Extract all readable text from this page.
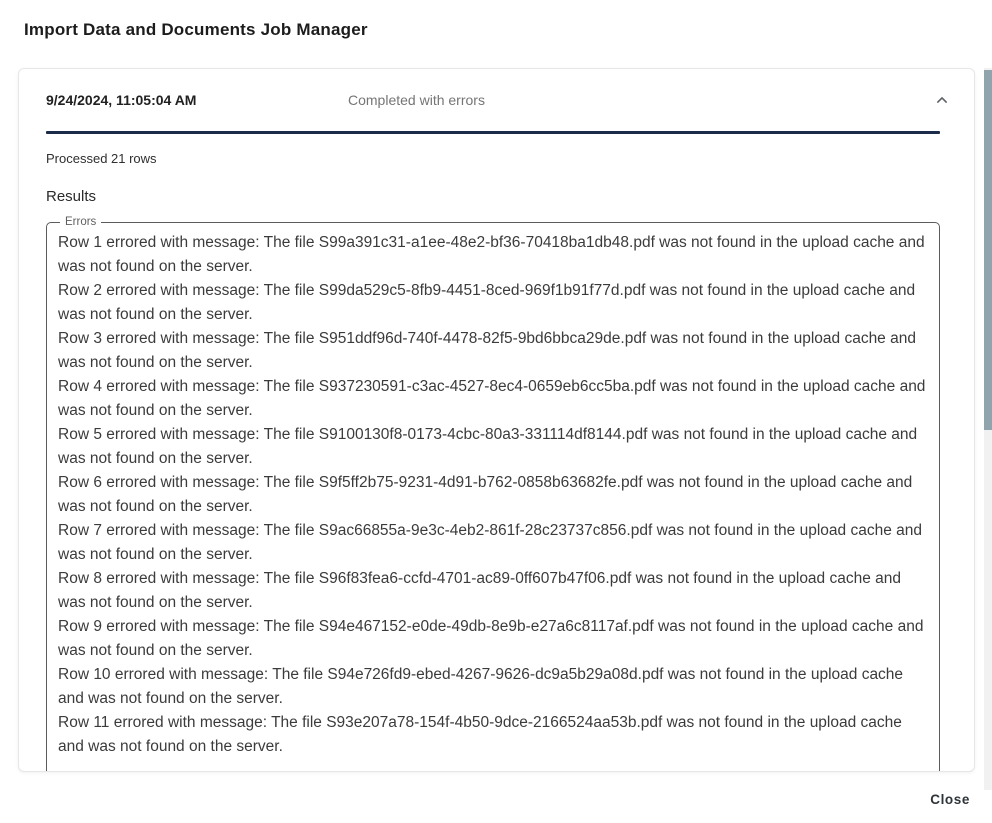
Import Data and Documents Job Manager
9/24/2024, 11:05:04 AM	Completed with errors
Processed 21 rows
Results
Errors
Row 1 errored with message: The file S99a391c31-a1ee-48e2-bf36-70418ba1db48.pdf was not found in the upload cache and was not found on the server.
Row 2 errored with message: The file S99da529c5-8fb9-4451-8ced-969f1b91f77d.pdf was not found in the upload cache and was not found on the server.
Row 3 errored with message: The file S951ddf96d-740f-4478-82f5-9bd6bbca29de.pdf was not found in the upload cache and was not found on the server.
Row 4 errored with message: The file S937230591-c3ac-4527-8ec4-0659eb6cc5ba.pdf was not found in the upload cache and was not found on the server.
Row 5 errored with message: The file S9100130f8-0173-4cbc-80a3-331114df8144.pdf was not found in the upload cache and was not found on the server.
Row 6 errored with message: The file S9f5ff2b75-9231-4d91-b762-0858b63682fe.pdf was not found in the upload cache and was not found on the server.
Row 7 errored with message: The file S9ac66855a-9e3c-4eb2-861f-28c23737c856.pdf was not found in the upload cache and was not found on the server.
Row 8 errored with message: The file S96f83fea6-ccfd-4701-ac89-0ff607b47f06.pdf was not found in the upload cache and was not found on the server.
Row 9 errored with message: The file S94e467152-e0de-49db-8e9b-e27a6c8117af.pdf was not found in the upload cache and was not found on the server.
Row 10 errored with message: The file S94e726fd9-ebed-4267-9626-dc9a5b29a08d.pdf was not found in the upload cache and was not found on the server.
Row 11 errored with message: The file S93e207a78-154f-4b50-9dce-2166524aa53b.pdf was not found in the upload cache and was not found on the server.
Close
